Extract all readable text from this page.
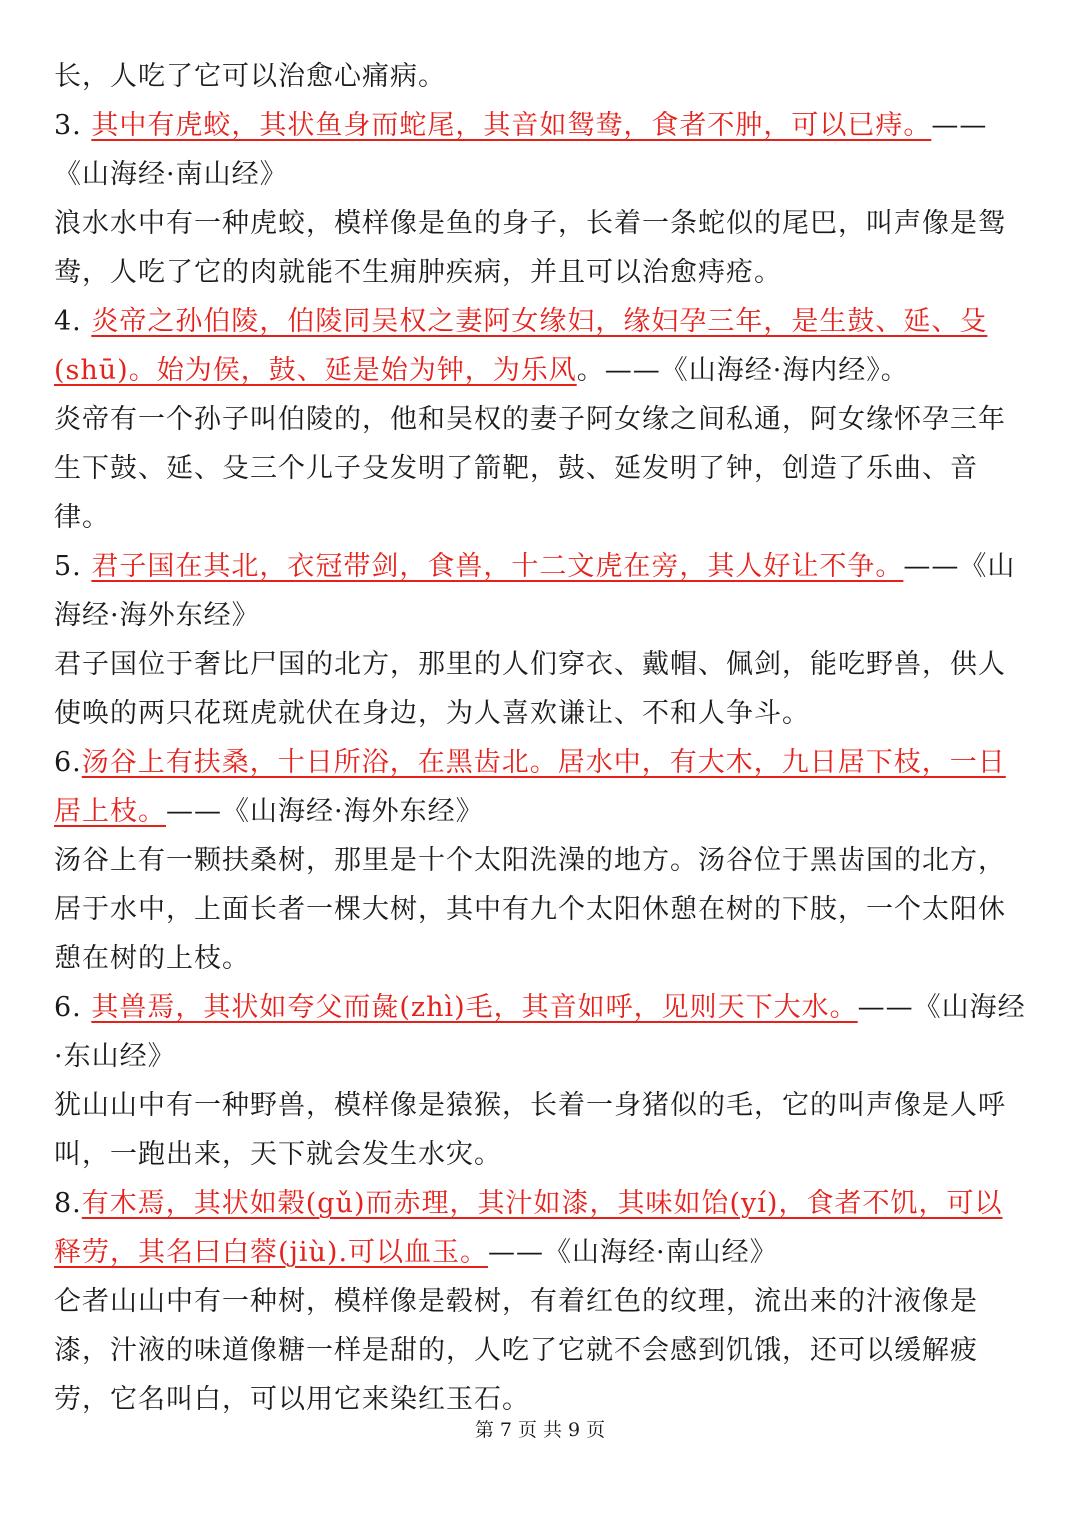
长，人吃了它可以治愈心痛病。
3. 其中有虎蛟，其状鱼身而蛇尾，其音如鸳鸯，食者不肿，可以已痔。——《山海经·南山经》
浪水水中有一种虎蛟，模样像是鱼的身子，长着一条蛇似的尾巴，叫声像是鸳鸯，人吃了它的肉就能不生痈肿疾病，并且可以治愈痔疮。
4. 炎帝之孙伯陵，伯陵同吴权之妻阿女缘妇，缘妇孕三年，是生鼓、延、殳(shū)。始为侯，鼓、延是始为钟，为乐风。——《山海经·海内经》。
炎帝有一个孙子叫伯陵的，他和吴权的妻子阿女缘之间私通，阿女缘怀孕三年生下鼓、延、殳三个儿子殳发明了箭靶，鼓、延发明了钟，创造了乐曲、音律。
5. 君子国在其北，衣冠带剑，食兽，十二文虎在旁，其人好让不争。——《山海经·海外东经》
君子国位于奢比尸国的北方，那里的人们穿衣、戴帽、佩剑，能吃野兽，供人使唤的两只花斑虎就伏在身边，为人喜欢谦让、不和人争斗。
6.汤谷上有扶桑，十日所浴，在黑齿北。居水中，有大木，九日居下枝，一日居上枝。——《山海经·海外东经》
汤谷上有一颗扶桑树，那里是十个太阳洗澡的地方。汤谷位于黑齿国的北方，居于水中，上面长者一棵大树，其中有九个太阳休憩在树的下肢，一个太阳休憩在树的上枝。
6. 其兽焉，其状如夸父而彘(zhì)毛，其音如呼，见则天下大水。——《山海经·东山经》
犹山山中有一种野兽，模样像是猿猴，长着一身猪似的毛，它的叫声像是人呼叫，一跑出来，天下就会发生水灾。
8.有木焉，其状如榖(gǔ)而赤理，其汁如漆，其味如饴(yí)，食者不饥，可以释劳，其名曰白蓉(jiù).可以血玉。——《山海经·南山经》
仑者山山中有一种树，模样像是毂树，有着红色的纹理，流出来的汁液像是漆，汁液的味道像糖一样是甜的，人吃了它就不会感到饥饿，还可以缓解疲劳，它名叫白，可以用它来染红玉石。
第 7 页 共 9 页
